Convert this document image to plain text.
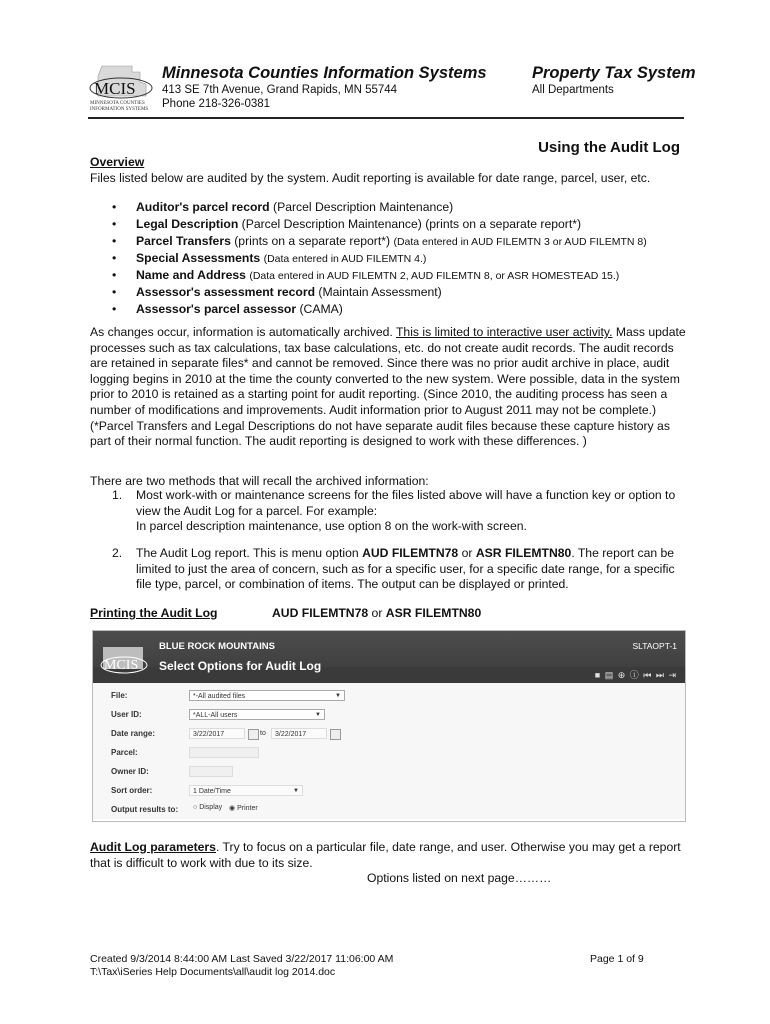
MCIS
MINNESOTA COUNTIES INFORMATION SYSTEMS
Minnesota Counties Information Systems
413 SE 7th Avenue, Grand Rapids, MN 55744
Phone 218-326-0381
Property Tax System
All Departments
Using the Audit Log
Overview
Files listed below are audited by the system. Audit reporting is available for date range, parcel, user, etc.
• Auditor's parcel record (Parcel Description Maintenance)
• Legal Description (Parcel Description Maintenance) (prints on a separate report*)
• Parcel Transfers (prints on a separate report*) (Data entered in AUD FILEMTN 3 or AUD FILEMTN 8)
• Special Assessments (Data entered in AUD FILEMTN 4.)
• Name and Address (Data entered in AUD FILEMTN 2, AUD FILEMTN 8, or ASR HOMESTEAD 15.)
• Assessor's assessment record (Maintain Assessment)
• Assessor's parcel assessor (CAMA)
As changes occur, information is automatically archived. This is limited to interactive user activity. Mass update processes such as tax calculations, tax base calculations, etc. do not create audit records. The audit records are retained in separate files* and cannot be removed. Since there was no prior audit archive in place, audit logging begins in 2010 at the time the county converted to the new system. Were possible, data in the system prior to 2010 is retained as a starting point for audit reporting. (Since 2010, the auditing process has seen a number of modifications and improvements. Audit information prior to August 2011 may not be complete.)
(*Parcel Transfers and Legal Descriptions do not have separate audit files because these capture history as part of their normal function. The audit reporting is designed to work with these differences. )
There are two methods that will recall the archived information:
1. Most work-with or maintenance screens for the files listed above will have a function key or option to view the Audit Log for a parcel. For example:
In parcel description maintenance, use option 8 on the work-with screen.
2. The Audit Log report. This is menu option AUD FILEMTN78 or ASR FILEMTN80. The report can be limited to just the area of concern, such as for a specific user, for a specific date range, for a specific file type, parcel, or combination of items. The output can be displayed or printed.
Printing the Audit Log	AUD FILEMTN78 or ASR FILEMTN80
MCIS
BLUE ROCK MOUNTAINS
Select Options for Audit Log
SLTAOPT-1
■ ▤ ⊕ ⓘ ⏮ ⏭ ⇥
File:	*-All audited files	▼
User ID:	*ALL-All users	▼
Date range:	3/22/2017	to	3/22/2017
Parcel:
Owner ID:
Sort order:	1 Date/Time	▼
Output results to: ○ Display ◉ Printer
Audit Log parameters. Try to focus on a particular file, date range, and user. Otherwise you may get a report that is difficult to work with due to its size.
Options listed on next page………
Created 9/3/2014 8:44:00 AM Last Saved 3/22/2017 11:06:00 AM
T:\Tax\iSeries Help Documents\all\audit log 2014.doc
Page 1 of 9
